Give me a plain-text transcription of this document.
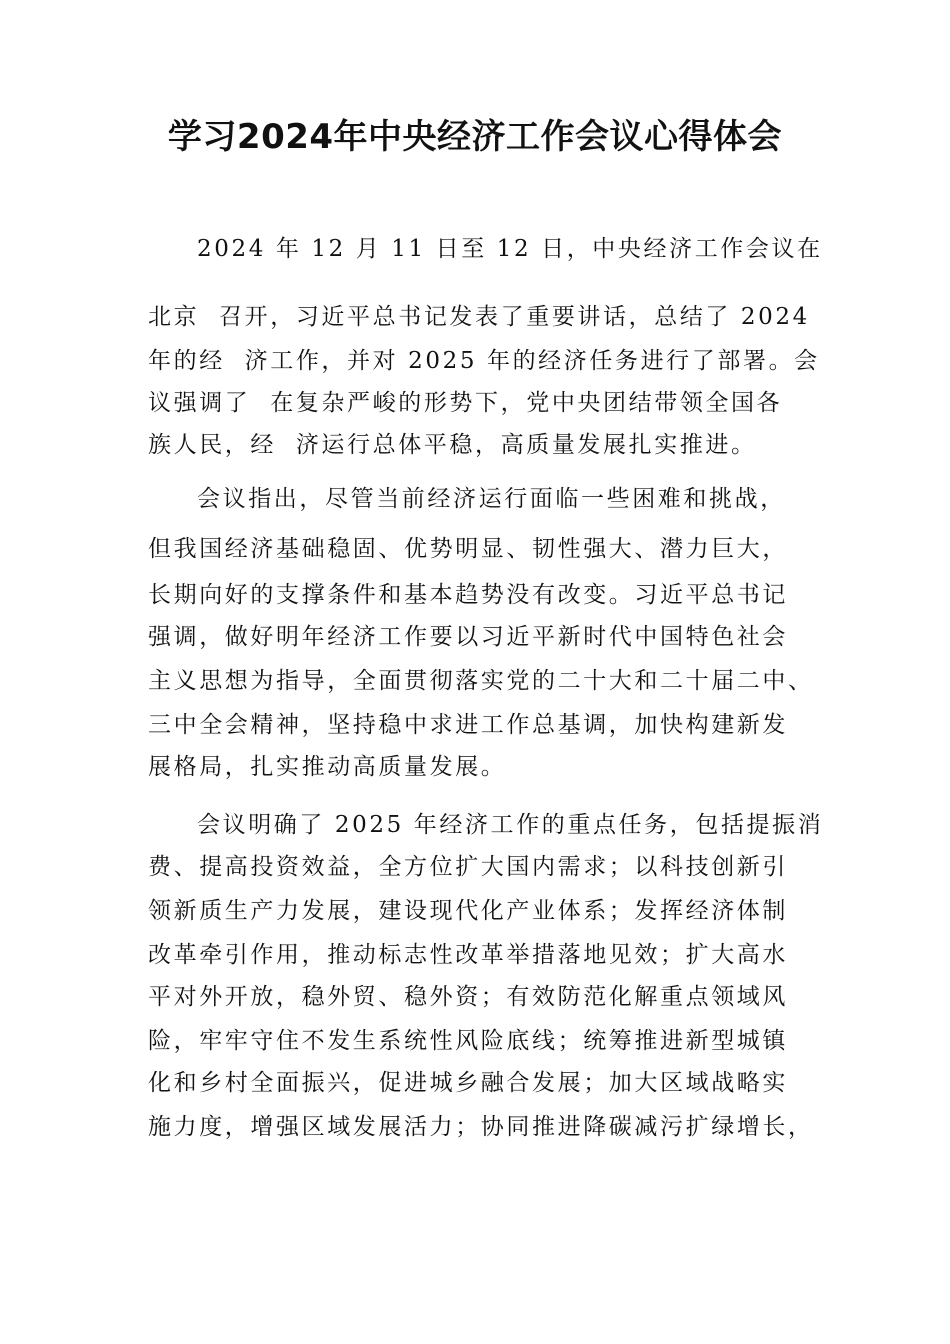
学习2024年中央经济工作会议心得体会
2024 年 12 月 11 日至 12 日，中央经济工作会议在
北京  召开，习近平总书记发表了重要讲话，总结了 2024
年的经  济工作，并对 2025 年的经济任务进行了部署。会
议强调了  在复杂严峻的形势下，党中央团结带领全国各
族人民，经  济运行总体平稳，高质量发展扎实推进。
会议指出，尽管当前经济运行面临一些困难和挑战，
但我国经济基础稳固、优势明显、韧性强大、潜力巨大，
长期向好的支撑条件和基本趋势没有改变。习近平总书记
强调，做好明年经济工作要以习近平新时代中国特色社会
主义思想为指导，全面贯彻落实党的二十大和二十届二中、
三中全会精神，坚持稳中求进工作总基调，加快构建新发
展格局，扎实推动高质量发展。
会议明确了 2025 年经济工作的重点任务，包括提振消
费、提高投资效益，全方位扩大国内需求；以科技创新引
领新质生产力发展，建设现代化产业体系；发挥经济体制
改革牵引作用，推动标志性改革举措落地见效；扩大高水
平对外开放，稳外贸、稳外资；有效防范化解重点领域风
险，牢牢守住不发生系统性风险底线；统筹推进新型城镇
化和乡村全面振兴，促进城乡融合发展；加大区域战略实
施力度，增强区域发展活力；协同推进降碳减污扩绿增长，
